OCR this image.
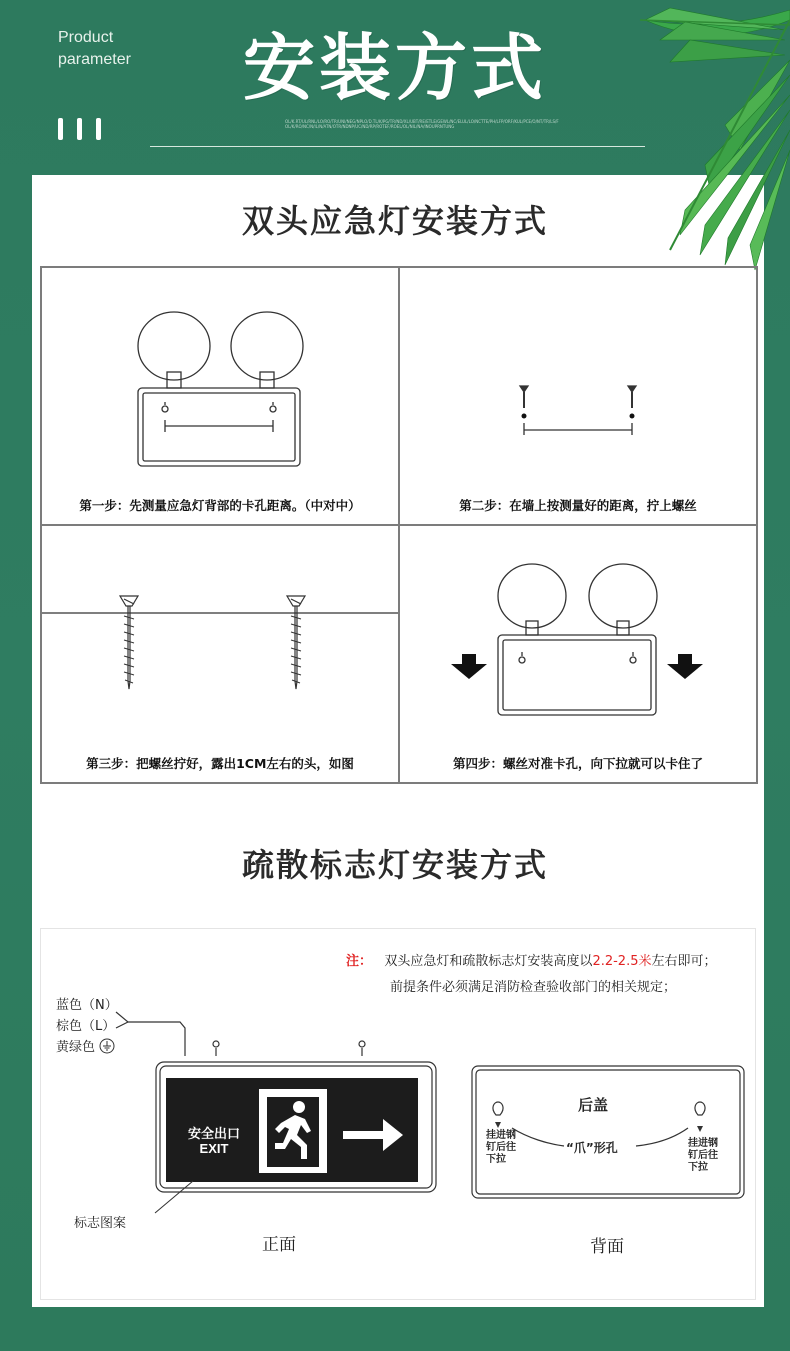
Product
parameter	安装方式
OL/K.RT/UL/RNL/LO/RO/TR/UNI/NEG/NPLO/D.TL/K/PG/TR/ND/XL/UBT/RE/ETLE/GEWL/NC/ELUL/LO/NCTTE/PH/LFP/ORF/KUL/PCE/O/NT/TR/LS/F OL/K/RO/NC/N/IL/N/ATN/OTR/NDNP/UC/ND/RP/ROTEF/ROEL/OL/NIL/NA/INOUPRNTUNG
双头应急灯安装方式
第一步：先测量应急灯背部的卡孔距离。（中对中）	第二步：在墙上按测量好的距离，拧上螺丝
第三步：把螺丝拧好，露出1CM左右的头，如图	第四步：螺丝对准卡孔，向下拉就可以卡住了
疏散标志灯安装方式
注： 双头应急灯和疏散标志灯安装高度以2.2-2.5米左右即可；
前提条件必须满足消防检查验收部门的相关规定；
蓝色（N）
棕色（L）
黄绿色
安全出口
EXIT
标志图案
正面
后盖
“爪”形孔
挂进钢
钉后往
下拉
挂进钢
钉后往
下拉
背面
